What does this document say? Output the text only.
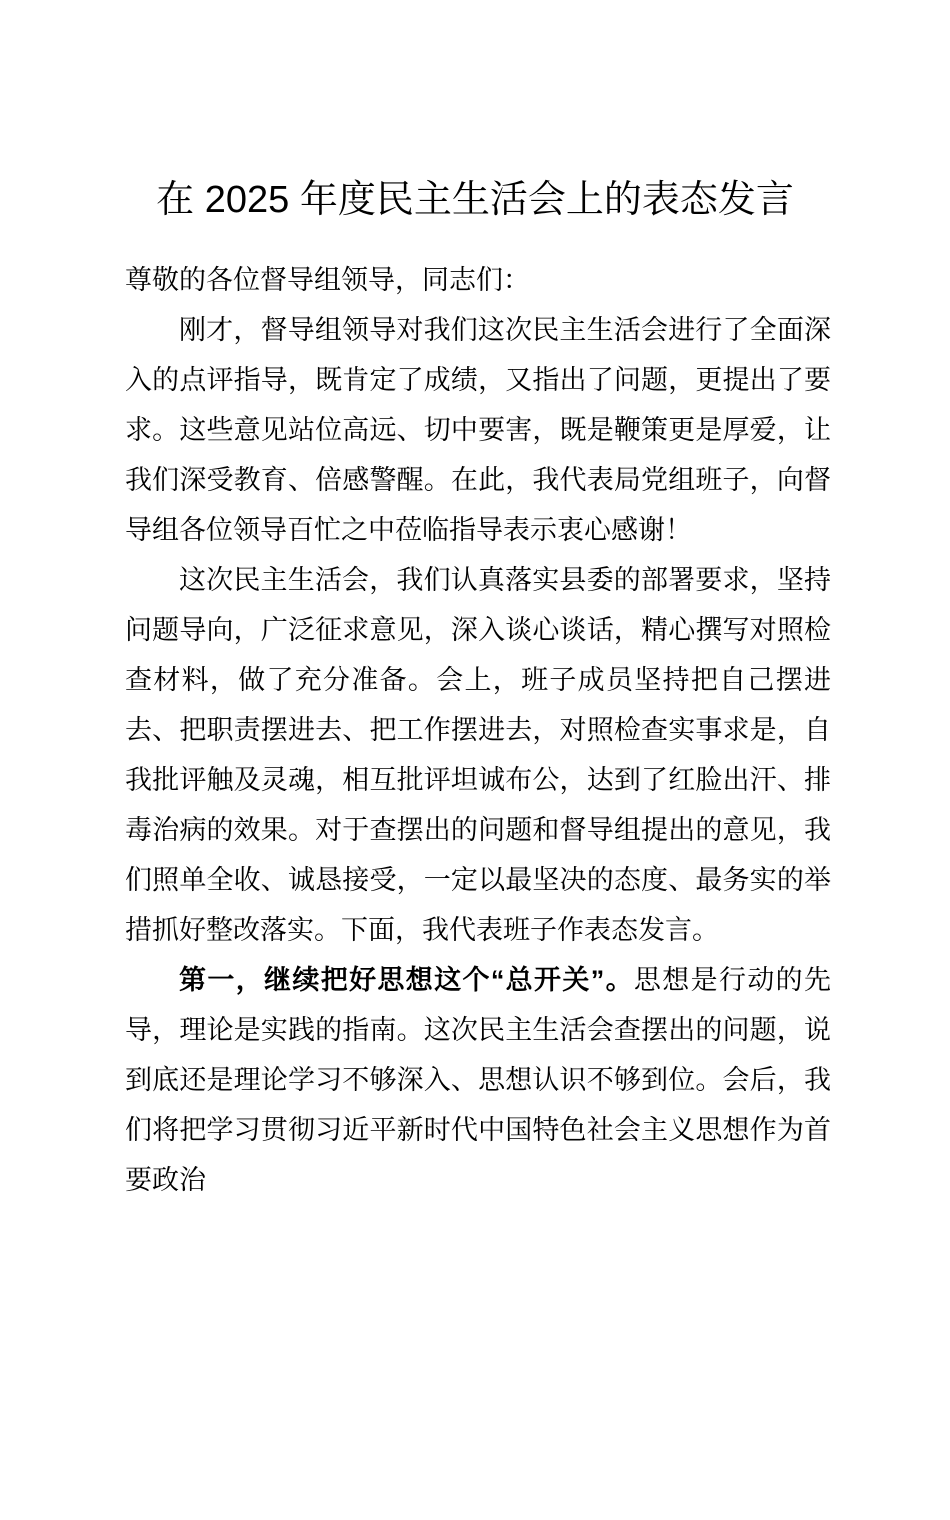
在 2025 年度民主生活会上的表态发言

尊敬的各位督导组领导，同志们：

刚才，督导组领导对我们这次民主生活会进行了全面深入的点评指导，既肯定了成绩，又指出了问题，更提出了要求。这些意见站位高远、切中要害，既是鞭策更是厚爱，让我们深受教育、倍感警醒。在此，我代表局党组班子，向督导组各位领导百忙之中莅临指导表示衷心感谢！

这次民主生活会，我们认真落实县委的部署要求，坚持问题导向，广泛征求意见，深入谈心谈话，精心撰写对照检查材料，做了充分准备。会上，班子成员坚持把自己摆进去、把职责摆进去、把工作摆进去，对照检查实事求是，自我批评触及灵魂，相互批评坦诚布公，达到了红脸出汗、排毒治病的效果。对于查摆出的问题和督导组提出的意见，我们照单全收、诚恳接受，一定以最坚决的态度、最务实的举措抓好整改落实。下面，我代表班子作表态发言。

第一，继续把好思想这个“总开关”。思想是行动的先导，理论是实践的指南。这次民主生活会查摆出的问题，说到底还是理论学习不够深入、思想认识不够到位。会后，我们将把学习贯彻习近平新时代中国特色社会主义思想作为首要政治
